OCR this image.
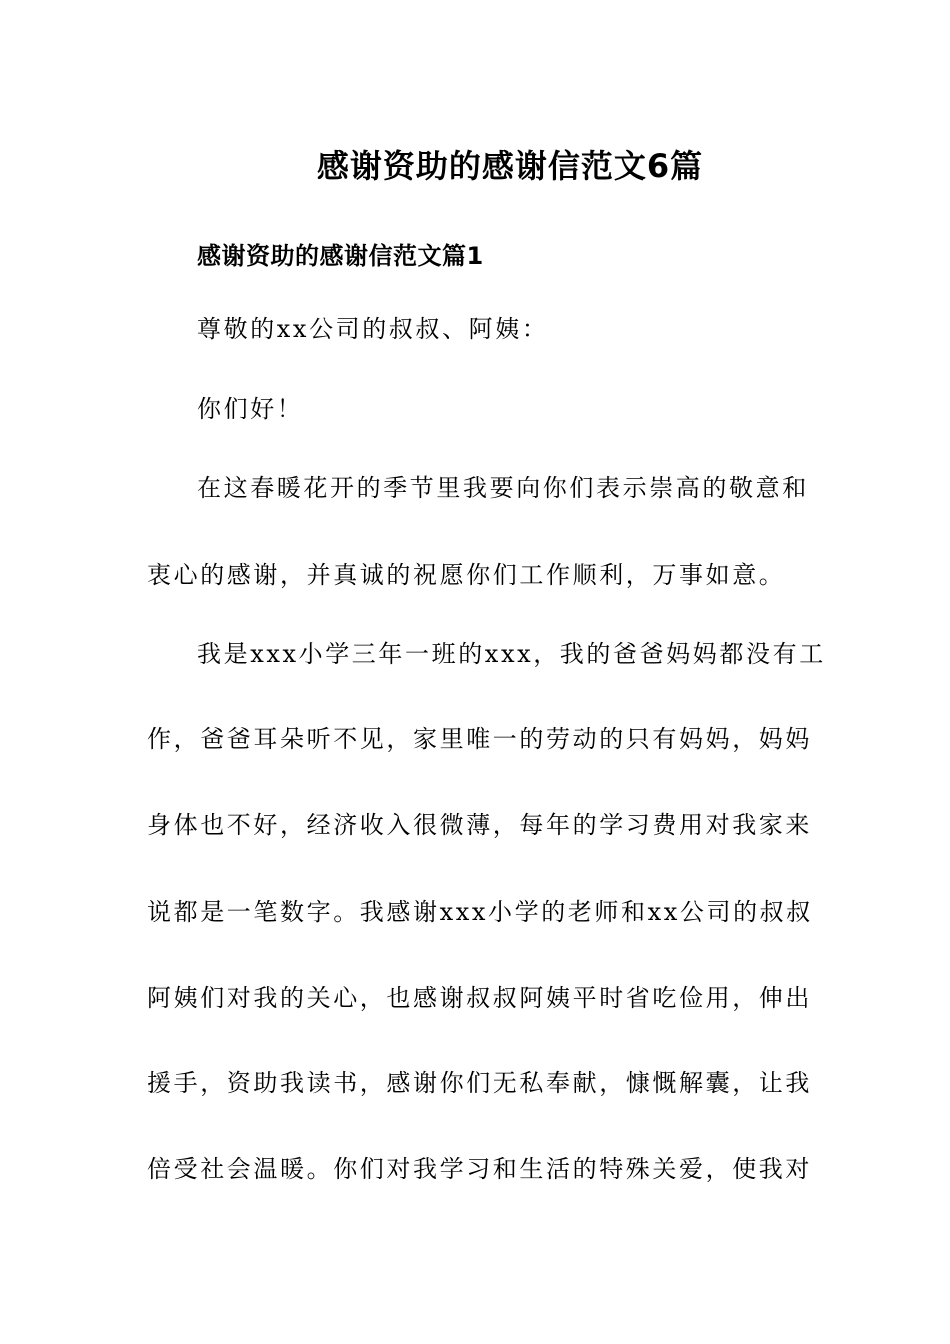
感谢资助的感谢信范文6篇
感谢资助的感谢信范文篇1
尊敬的xx公司的叔叔、阿姨：
你们好！
在这春暖花开的季节里我要向你们表示崇高的敬意和
衷心的感谢，并真诚的祝愿你们工作顺利，万事如意。
我是xxx小学三年一班的xxx，我的爸爸妈妈都没有工
作，爸爸耳朵听不见，家里唯一的劳动的只有妈妈，妈妈
身体也不好，经济收入很微薄，每年的学习费用对我家来
说都是一笔数字。我感谢xxx小学的老师和xx公司的叔叔
阿姨们对我的关心，也感谢叔叔阿姨平时省吃俭用，伸出
援手，资助我读书，感谢你们无私奉献，慷慨解囊，让我
倍受社会温暖。你们对我学习和生活的特殊关爱，使我对
